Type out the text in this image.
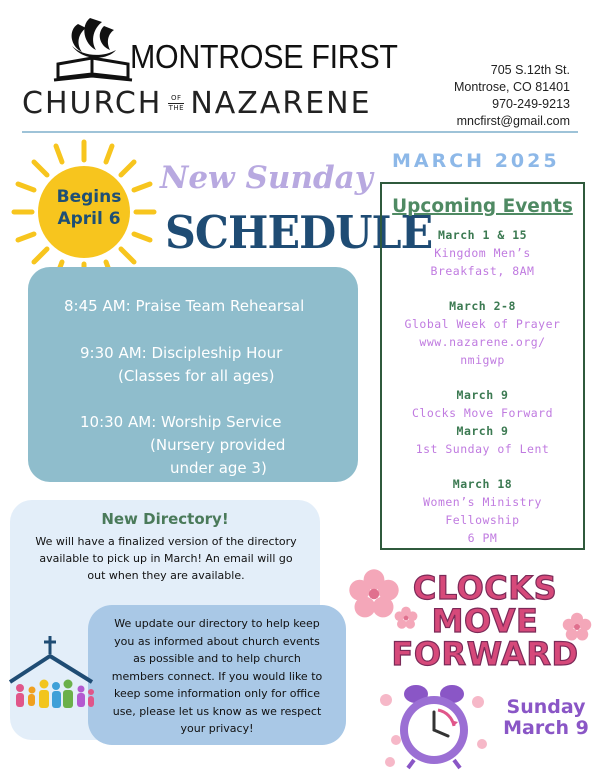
MONTROSE FIRST
CHURCH OF
THE NAZARENE
705 S.12th St.
Montrose, CO 81401
970-249-9213
mncfirst@gmail.com
Begins
April 6
New Sunday
SCHEDULE
8:45 AM: Praise Team Rehearsal
9:30 AM: Discipleship Hour
(Classes for all ages)
10:30 AM: Worship Service
(Nursery provided
under age 3)
MARCH 2025
Upcoming Events
March 1 & 15
Kingdom Men’s
Breakfast, 8AM
March 2-8
Global Week of Prayer
www.nazarene.org/
nmigwp
March 9
Clocks Move Forward
March 9
1st Sunday of Lent
March 18
Women’s Ministry
Fellowship
6 PM
New Directory!
We will have a finalized version of the directory
available to pick up in March! An email will go
out when they are available.
We update our directory to help keep
you as informed about church events
as possible and to help church
members connect. If you would like to
keep some information only for office
use, please let us know as we respect
your privacy!
CLOCKS
MOVE
FORWARD
Sunday
March 9
